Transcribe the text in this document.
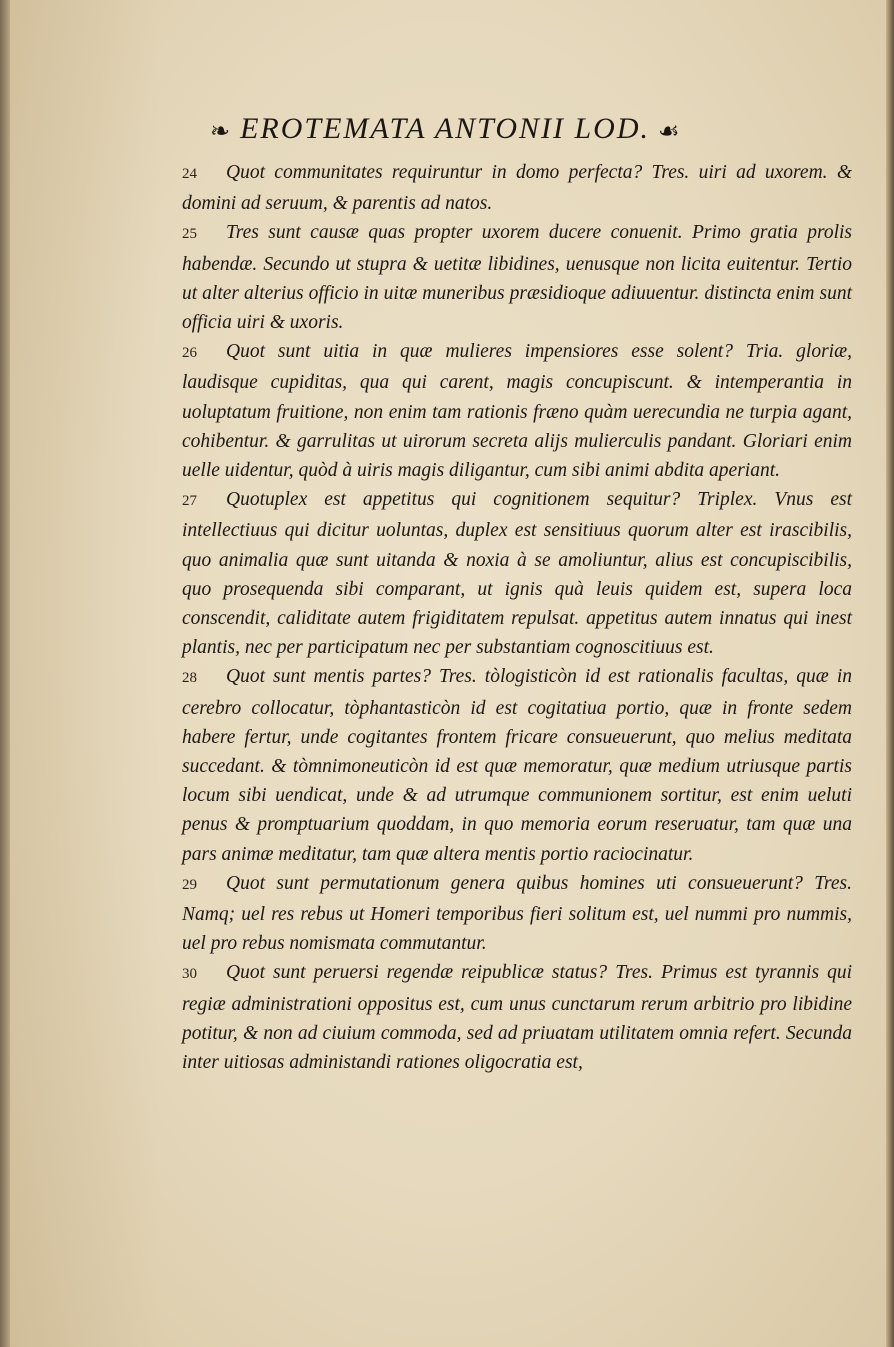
❧ EROTEMATA ANTONII LOD. ☙

24 Quot communitates requiruntur in domo perfecta? Tres. uiri ad uxorem. & domini ad seruum, & parentis ad natos.

25 Tres sunt causæ quas propter uxorem ducere conuenit. Primo gratia prolis habendæ. Secundo ut stupra & uetitæ libidines, uenusque non licita euitentur. Tertio ut alter alterius officio in uitæ muneribus præsidioque adiuuentur. distincta enim sunt officia uiri & uxoris.

26 Quot sunt uitia in quæ mulieres impensiores esse solent? Tria. gloriæ, laudisque cupiditas, qua qui carent, magis concupiscunt. & intemperantia in uoluptatum fruitione, non enim tam rationis fræno quàm uerecundia ne turpia agant, cohibentur. & garrulitas ut uirorum secreta alijs mulierculis pandant. Gloriari enim uelle uidentur, quòd à uiris magis diligantur, cum sibi animi abdita aperiant.

27 Quotuplex est appetitus qui cognitionem sequitur? Triplex. Vnus est intellectiuus qui dicitur uoluntas, duplex est sensitiuus quorum alter est irascibilis, quo animalia quæ sunt uitanda & noxia à se amoliuntur, alius est concupiscibilis, quo prosequenda sibi comparant, ut ignis quà leuis quidem est, supera loca conscendit, caliditate autem frigiditatem repulsat. appetitus autem innatus qui inest plantis, nec per participatum nec per substantiam cognoscitiuus est.

28 Quot sunt mentis partes? Tres. tòlogisticòn id est rationalis facultas, quæ in cerebro collocatur, tòphantasticòn id est cogitatiua portio, quæ in fronte sedem habere fertur, unde cogitantes frontem fricare consueuerunt, quo melius meditata succedant. & tòmnimoneuticòn id est quæ memoratur, quæ medium utriusque partis locum sibi uendicat, unde & ad utrumque communionem sortitur, est enim ueluti penus & promptuarium quoddam, in quo memoria eorum reseruatur, tam quæ una pars animæ meditatur, tam quæ altera mentis portio raciocinatur.

29 Quot sunt permutationum genera quibus homines uti consueuerunt? Tres. Namq; uel res rebus ut Homeri temporibus fieri solitum est, uel nummi pro nummis, uel pro rebus nomismata commutantur.

30 Quot sunt peruersi regendæ reipublicæ status? Tres. Primus est tyrannis qui regiæ administrationi oppositus est, cum unus cunctarum rerum arbitrio pro libidine potitur, & non ad ciuium commoda, sed ad priuatam utilitatem omnia refert. Secunda inter uitiosas administandi rationes oligocratia est,
